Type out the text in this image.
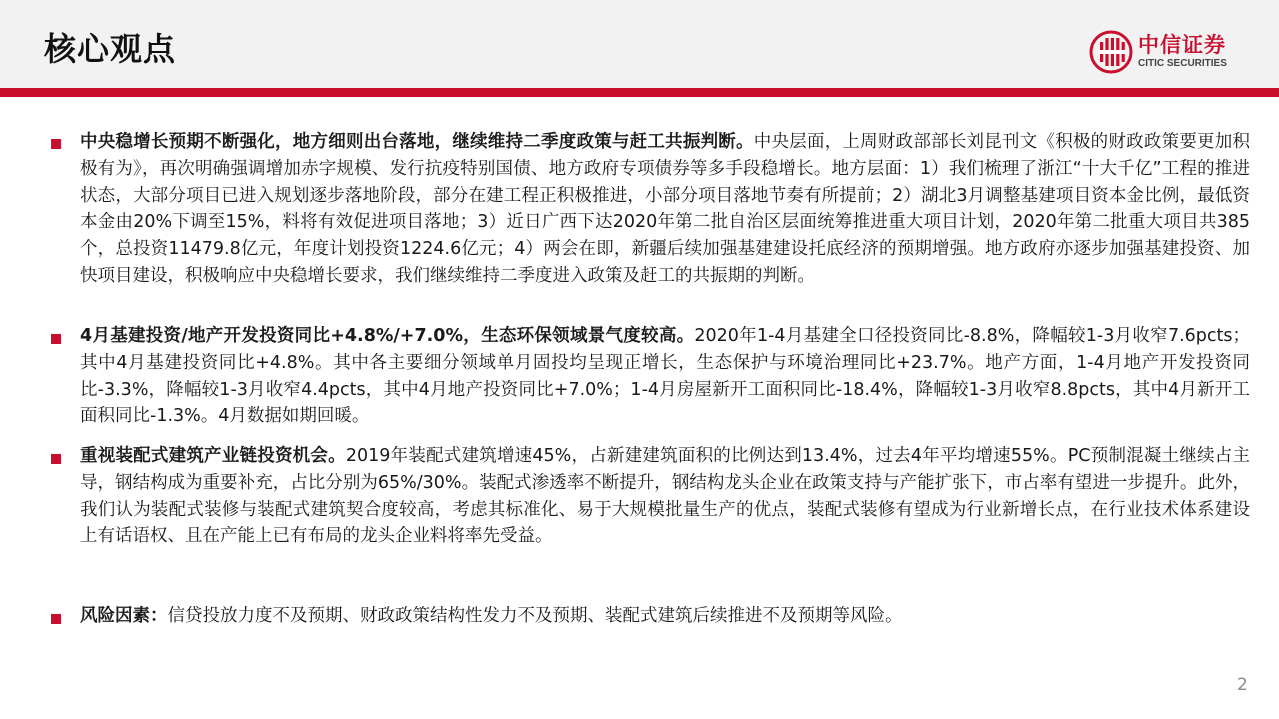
核心观点	中信证券
CITIC SECURITIES
中央稳增长预期不断强化，地方细则出台落地，继续维持二季度政策与赶工共振判断。中央层面，上周财政部部长刘昆刊文《积极的财政政策要更加积极有为》，再次明确强调增加赤字规模、发行抗疫特别国债、地方政府专项债券等多手段稳增长。地方层面：1）我们梳理了浙江“十大千亿”工程的推进状态，大部分项目已进入规划逐步落地阶段，部分在建工程正积极推进，小部分项目落地节奏有所提前；2）湖北3月调整基建项目资本金比例，最低资本金由20%下调至15%，料将有效促进项目落地；3）近日广西下达2020年第二批自治区层面统筹推进重大项目计划，2020年第二批重大项目共385个，总投资11479.8亿元，年度计划投资1224.6亿元；4）两会在即，新疆后续加强基建建设托底经济的预期增强。地方政府亦逐步加强基建投资、加快项目建设，积极响应中央稳增长要求，我们继续维持二季度进入政策及赶工的共振期的判断。
4月基建投资/地产开发投资同比+4.8%/+7.0%，生态环保领域景气度较高。2020年1-4月基建全口径投资同比-8.8%，降幅较1-3月收窄7.6pcts；其中4月基建投资同比+4.8%。其中各主要细分领域单月固投均呈现正增长，生态保护与环境治理同比+23.7%。地产方面，1-4月地产开发投资同比-3.3%，降幅较1-3月收窄4.4pcts，其中4月地产投资同比+7.0%；1-4月房屋新开工面积同比-18.4%，降幅较1-3月收窄8.8pcts，其中4月新开工面积同比-1.3%。4月数据如期回暖。
重视装配式建筑产业链投资机会。2019年装配式建筑增速45%，占新建建筑面积的比例达到13.4%，过去4年平均增速55%。PC预制混凝土继续占主导，钢结构成为重要补充，占比分别为65%/30%。装配式渗透率不断提升，钢结构龙头企业在政策支持与产能扩张下，市占率有望进一步提升。此外，我们认为装配式装修与装配式建筑契合度较高，考虑其标准化、易于大规模批量生产的优点，装配式装修有望成为行业新增长点，在行业技术体系建设上有话语权、且在产能上已有布局的龙头企业料将率先受益。
风险因素：信贷投放力度不及预期、财政政策结构性发力不及预期、装配式建筑后续推进不及预期等风险。
2
